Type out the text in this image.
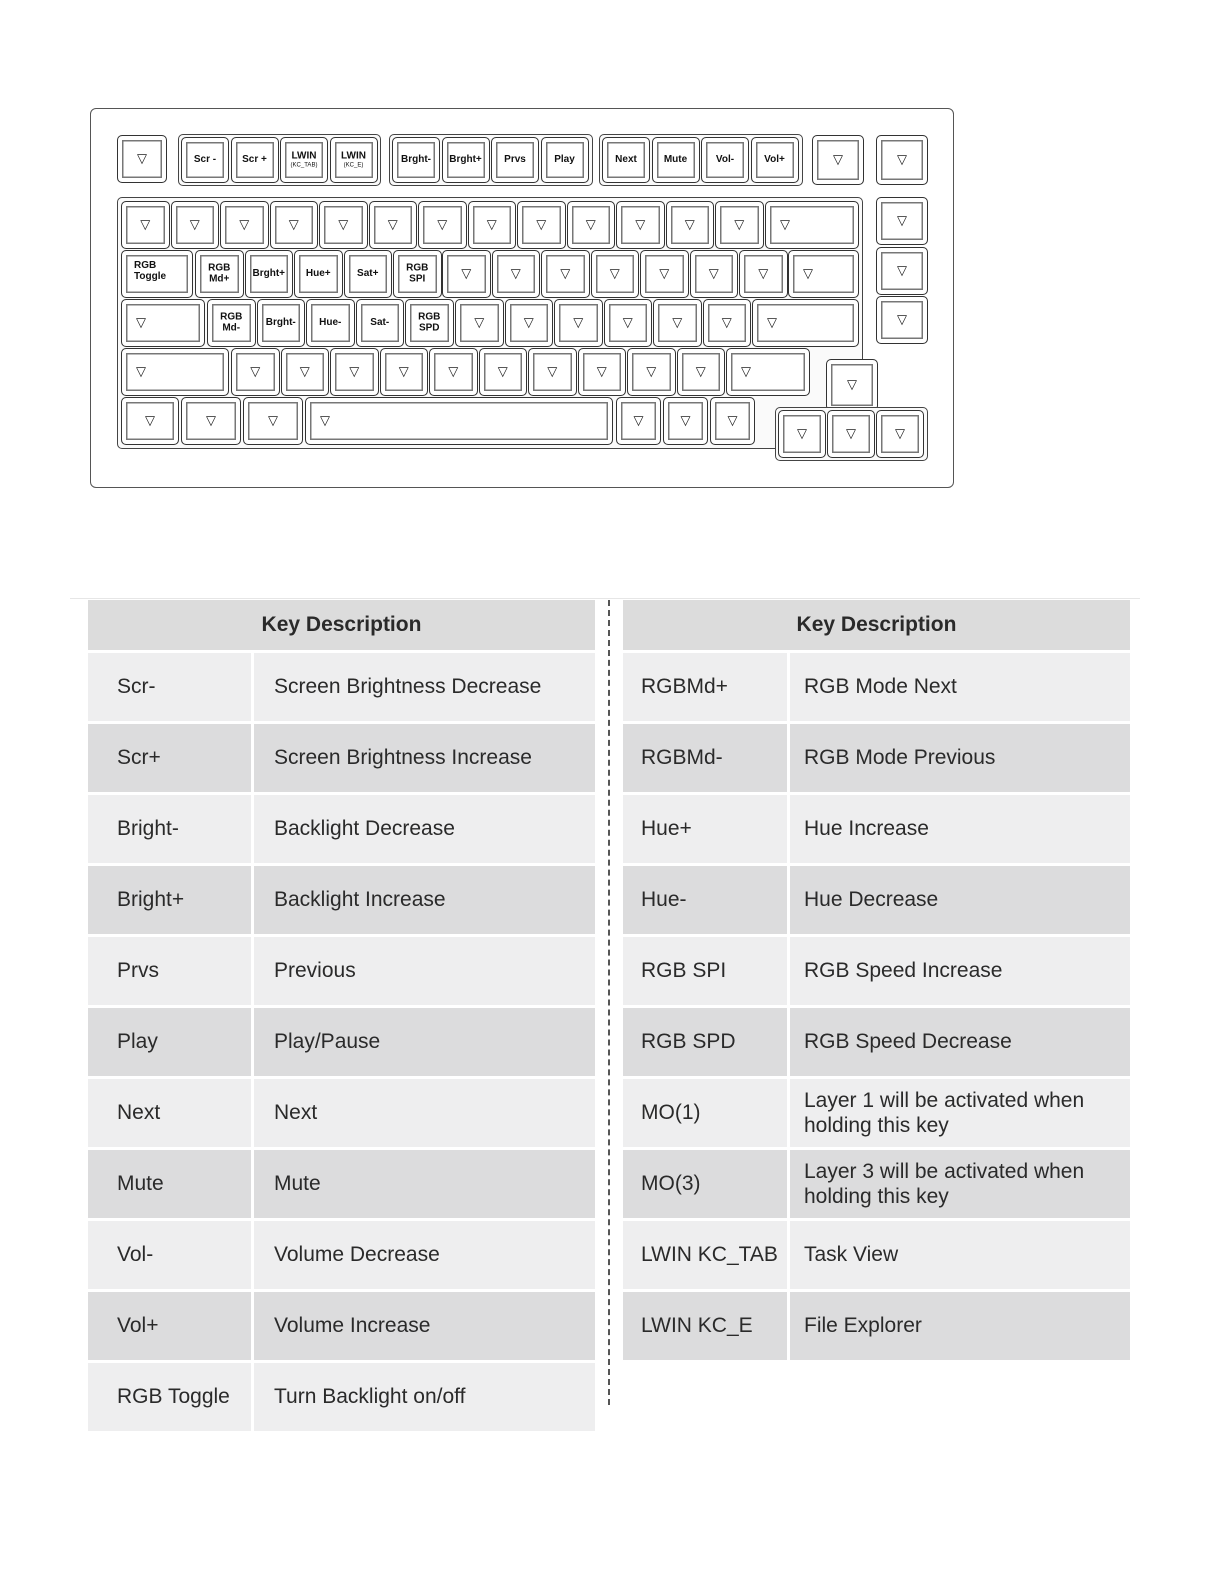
▽	Scr -	Scr + LWIN
(KC_TAB)
LWIN
(KC_E)
Brght- Brght+ Prvs	Play	Next	Mute	Vol-	Vol+	▽	▽
▽	▽	▽	▽	▽	▽	▽	▽	▽	▽	▽	▽	▽	▽	▽
RGB
Toggle
RGB
Md+ Brght+ Hue+	Sat+	RGB
SPI	▽	▽	▽	▽	▽	▽	▽	▽	▽
▽	RGB
Md-	Brght- Hue-	Sat-	RGB
SPD	▽	▽	▽	▽	▽	▽	▽	▽
▽	▽	▽	▽	▽	▽	▽	▽	▽	▽	▽	▽
▽
▽	▽	▽	▽	▽	▽	▽
▽	▽	▽
Key Description	
Scr-	Screen Brightness Decrease
Scr+	Screen Brightness Increase
Bright-	Backlight Decrease
Bright+	Backlight Increase
Prvs	Previous
Play	Play/Pause
Next	Next
Mute	Mute
Vol-	Volume Decrease
Vol+	Volume Increase
RGB Toggle	Turn Backlight on/off
Key Description	
RGBMd+	RGB Mode Next
RGBMd-	RGB Mode Previous
Hue+	Hue Increase
Hue-	Hue Decrease
RGB SPI	RGB Speed Increase
RGB SPD	RGB Speed Decrease
MO(1)	Layer 1 will be activated when holding this key
MO(3)	Layer 3 will be activated when holding this key
LWIN KC_TAB	Task View
LWIN KC_E	File Explorer
